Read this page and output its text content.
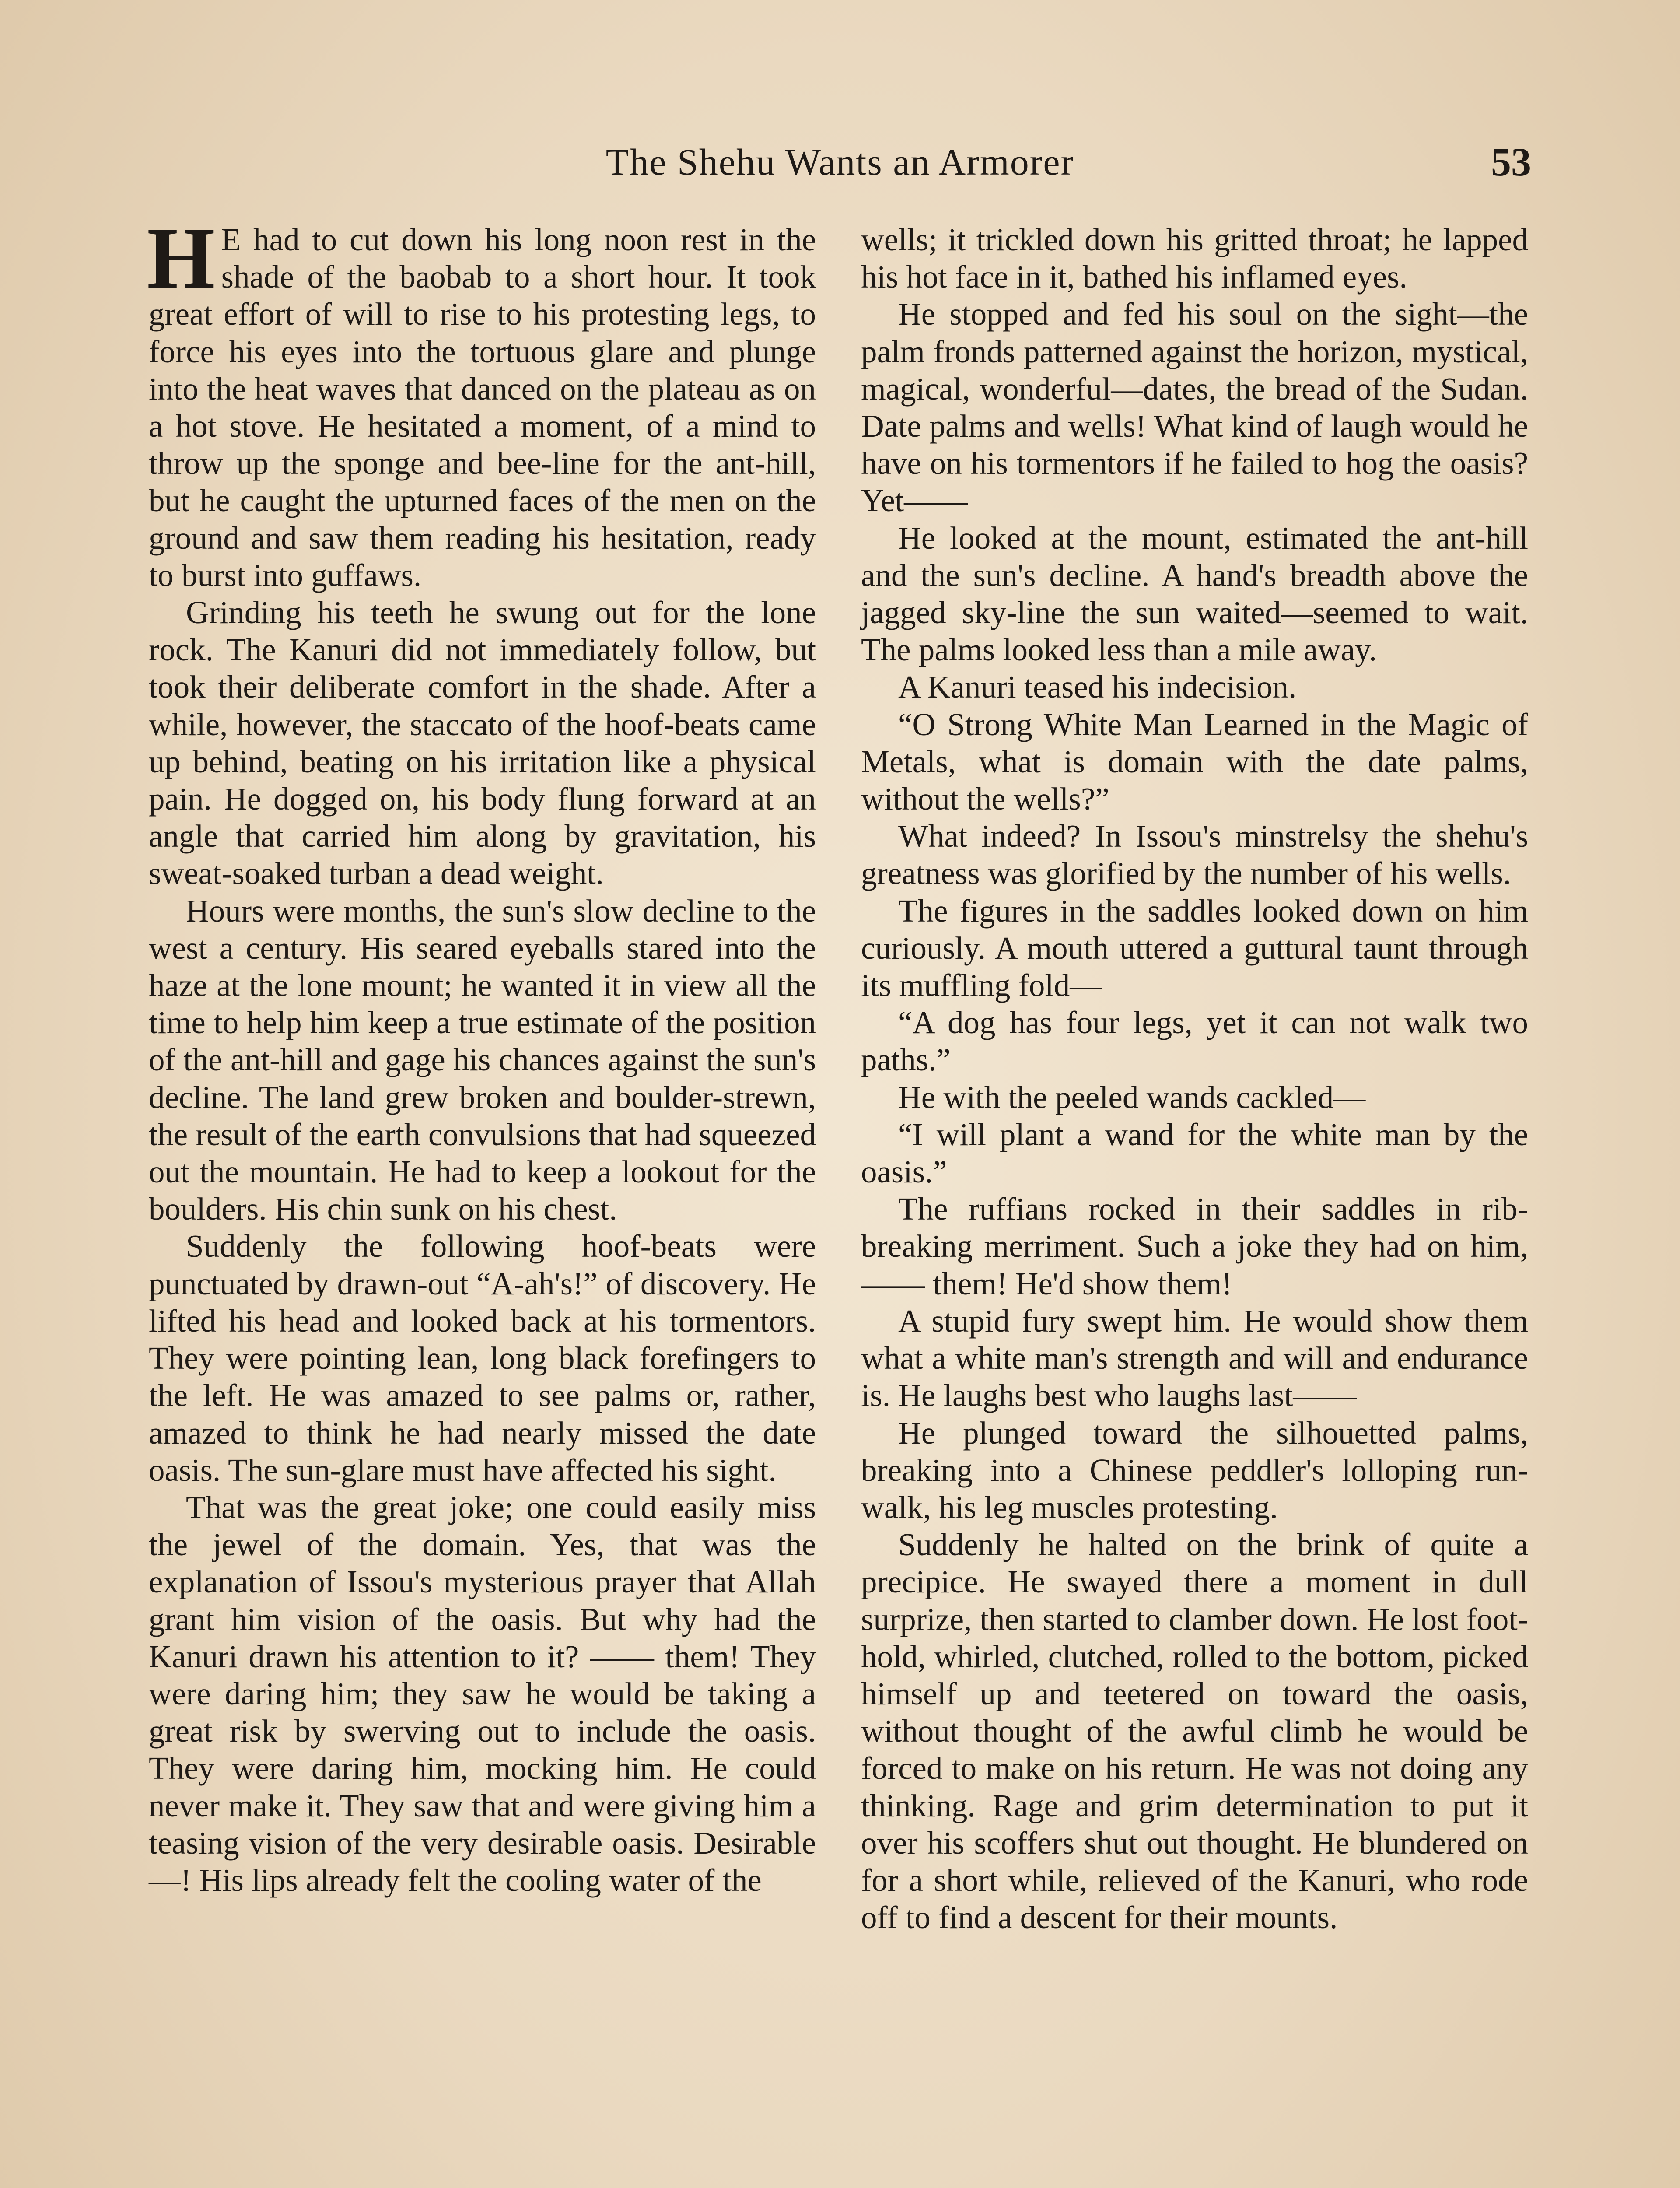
The Shehu Wants an Armorer	53

H E had to cut down his long noon rest in the shade of the baobab to a short hour. It took great effort of will to rise to his protesting legs, to force his eyes into the tortuous glare and plunge into the heat waves that danced on the plateau as on a hot stove. He hesitated a moment, of a mind to throw up the sponge and bee-line for the ant-hill, but he caught the upturned faces of the men on the ground and saw them reading his hesitation, ready to burst into guffaws.

Grinding his teeth he swung out for the lone rock. The Kanuri did not immediately follow, but took their deliberate comfort in the shade. After a while, however, the staccato of the hoof-beats came up behind, beating on his irritation like a physical pain. He dogged on, his body flung forward at an angle that carried him along by gravitation, his sweat-soaked turban a dead weight.

Hours were months, the sun's slow decline to the west a century. His seared eyeballs stared into the haze at the lone mount; he wanted it in view all the time to help him keep a true estimate of the position of the ant-hill and gage his chances against the sun's decline. The land grew broken and boulder-strewn, the result of the earth convulsions that had squeezed out the mountain. He had to keep a lookout for the boulders. His chin sunk on his chest.

Suddenly the following hoof-beats were punctuated by drawn-out “A-ah's!” of discovery. He lifted his head and looked back at his tormentors. They were pointing lean, long black forefingers to the left. He was amazed to see palms or, rather, amazed to think he had nearly missed the date oasis. The sun-glare must have affected his sight.

That was the great joke; one could easily miss the jewel of the domain. Yes, that was the explanation of Issou's mysterious prayer that Allah grant him vision of the oasis. But why had the Kanuri drawn his attention to it? —— them! They were daring him; they saw he would be taking a great risk by swerving out to include the oasis. They were daring him, mocking him. He could never make it. They saw that and were giving him a teasing vision of the very desirable oasis. Desirable—! His lips already felt the cooling water of the

wells; it trickled down his gritted throat; he lapped his hot face in it, bathed his inflamed eyes.

He stopped and fed his soul on the sight—the palm fronds patterned against the horizon, mystical, magical, wonderful—dates, the bread of the Sudan. Date palms and wells! What kind of laugh would he have on his tormentors if he failed to hog the oasis? Yet——

He looked at the mount, estimated the ant-hill and the sun's decline. A hand's breadth above the jagged sky-line the sun waited—seemed to wait. The palms looked less than a mile away.

A Kanuri teased his indecision.

“O Strong White Man Learned in the Magic of Metals, what is domain with the date palms, without the wells?”

What indeed? In Issou's minstrelsy the shehu's greatness was glorified by the number of his wells.

The figures in the saddles looked down on him curiously. A mouth uttered a guttural taunt through its muffling fold—

“A dog has four legs, yet it can not walk two paths.”

He with the peeled wands cackled—

“I will plant a wand for the white man by the oasis.”

The ruffians rocked in their saddles in rib-breaking merriment. Such a joke they had on him, —— them! He'd show them!

A stupid fury swept him. He would show them what a white man's strength and will and endurance is. He laughs best who laughs last——

He plunged toward the silhouetted palms, breaking into a Chinese peddler's lolloping run-walk, his leg muscles protesting.

Suddenly he halted on the brink of quite a precipice. He swayed there a moment in dull surprize, then started to clamber down. He lost foot-hold, whirled, clutched, rolled to the bottom, picked himself up and teetered on toward the oasis, without thought of the awful climb he would be forced to make on his return. He was not doing any thinking. Rage and grim determination to put it over his scoffers shut out thought. He blundered on for a short while, relieved of the Kanuri, who rode off to find a descent for their mounts.
